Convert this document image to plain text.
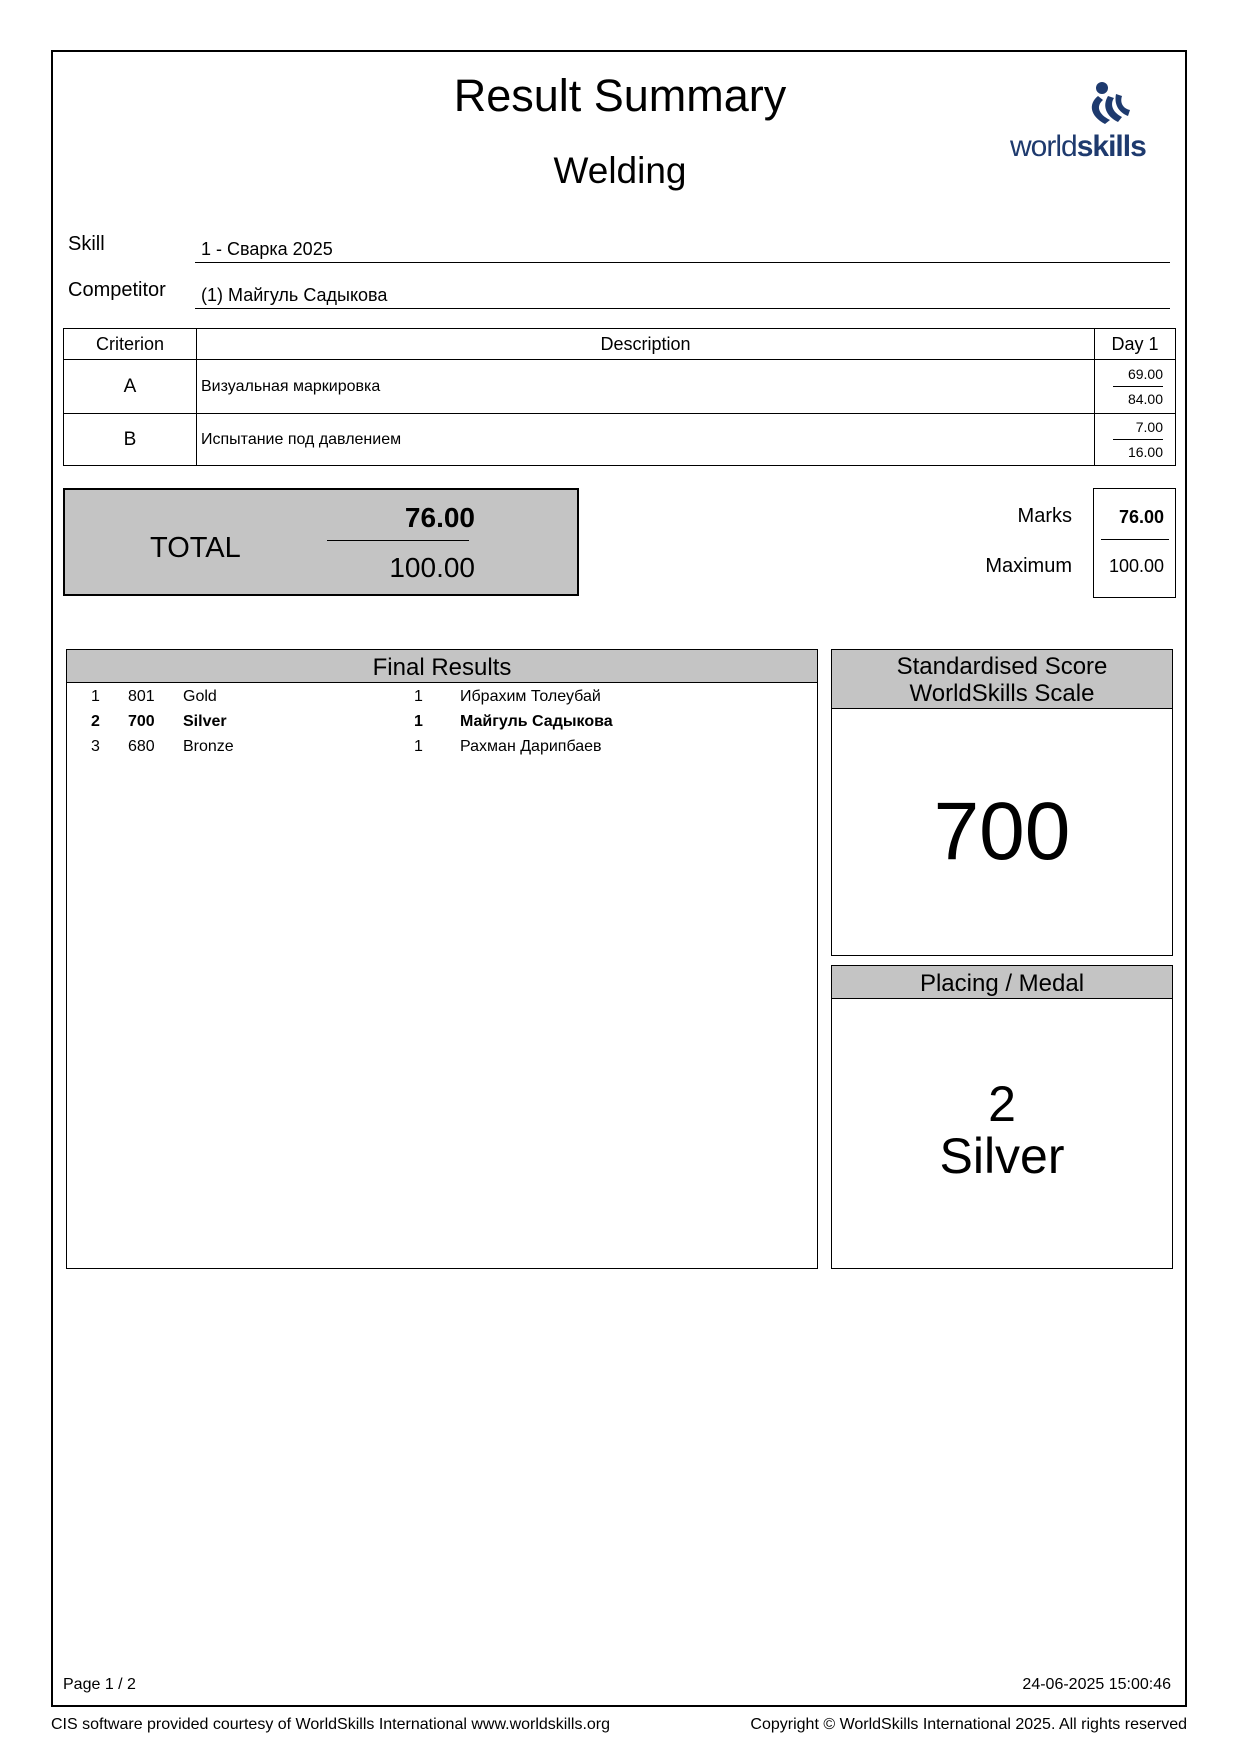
Result Summary
Welding
worldskills
Skill	1 - Сварка 2025
Competitor	(1) Майгуль Садыкова
Criterion	Description	Day 1
A	Визуальная маркировка	69.00
84.00

B	Испытание под давлением	7.00
16.00
TOTAL
76.00
100.00
Marks
Maximum
76.00
100.00
Final Results
1 801 Gold	1 Ибрахим Толеубай
2 700 Silver	1 Майгуль Садыкова
3 680 Bronze	1 Рахман Дарипбаев
Standardised Score
WorldSkills Scale
700
Placing / Medal
2
Silver
Page 1 / 2	24-06-2025 15:00:46
CIS software provided courtesy of WorldSkills International www.worldskills.org	Copyright © WorldSkills International 2025. All rights reserved
